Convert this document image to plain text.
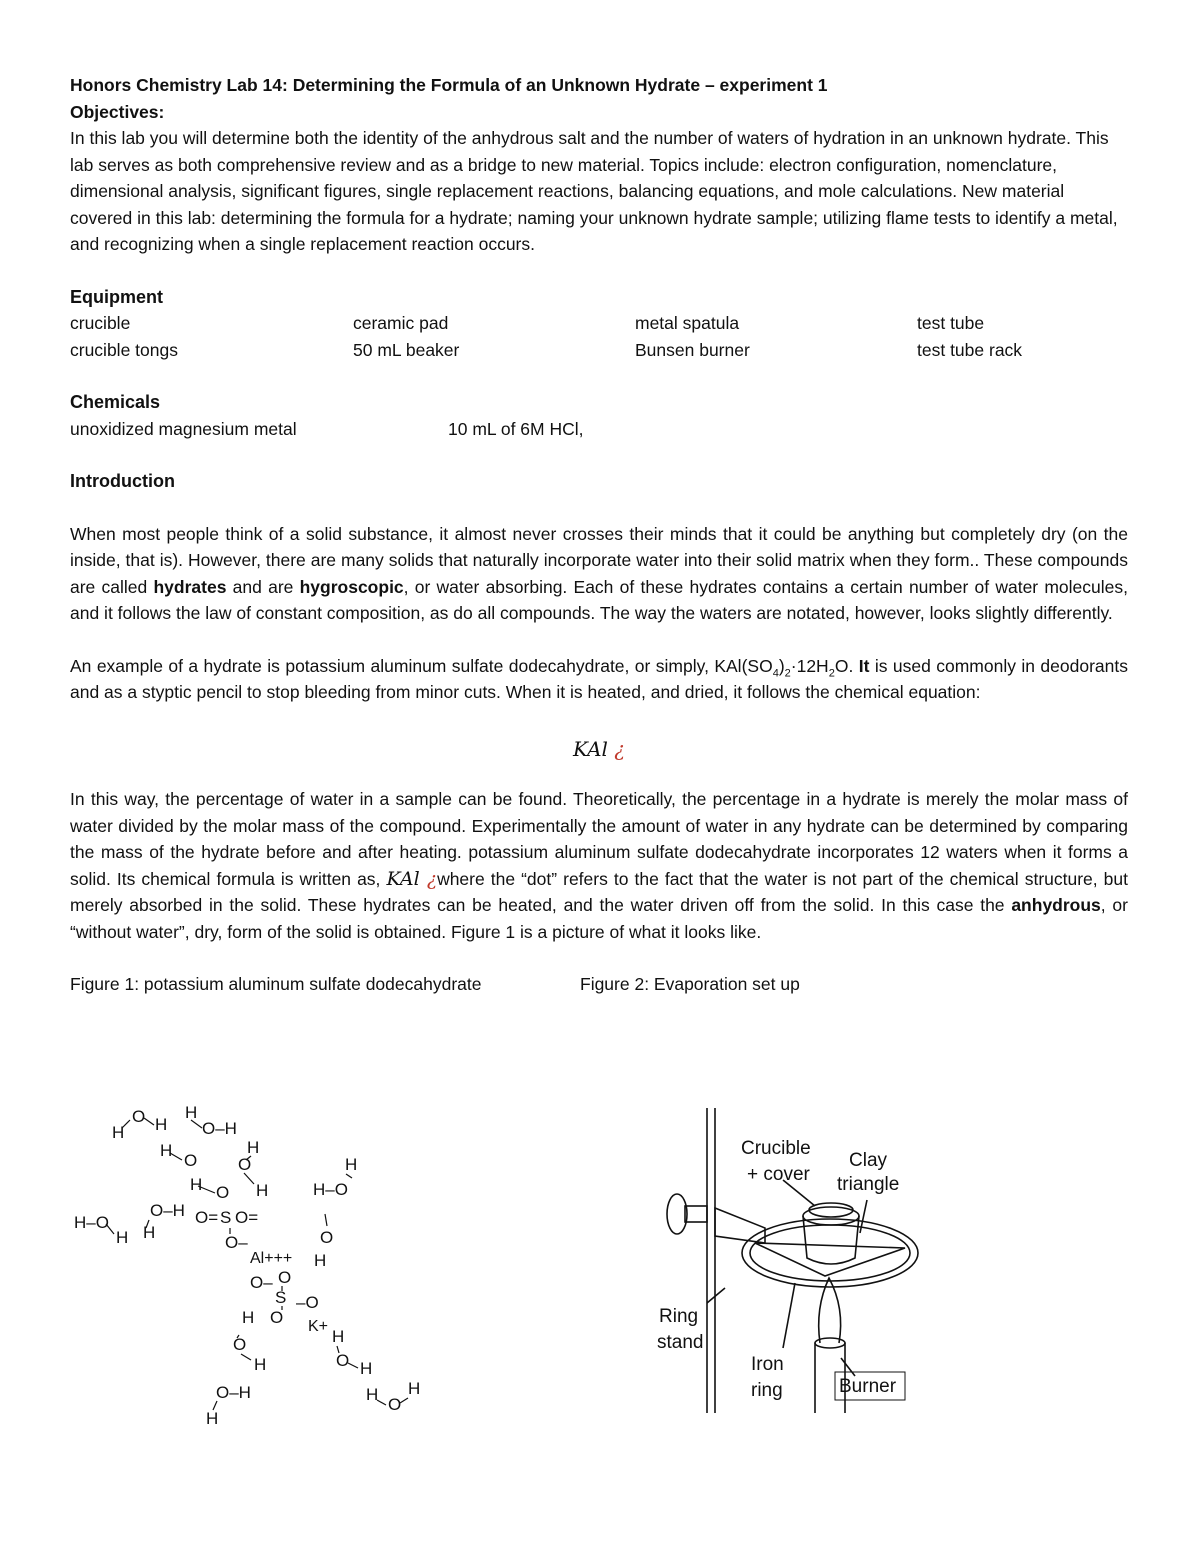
Honors Chemistry Lab 14: Determining the Formula of an Unknown Hydrate – experiment 1

Objectives:

In this lab you will determine both the identity of the anhydrous salt and the number of waters of hydration in an unknown hydrate. This lab serves as both comprehensive review and as a bridge to new material. Topics include: electron configuration, nomenclature, dimensional analysis, significant figures, single replacement reactions, balancing equations, and mole calculations. New material covered in this lab: determining the formula for a hydrate; naming your unknown hydrate sample; utilizing flame tests to identify a metal, and recognizing when a single replacement reaction occurs.

Equipment

crucible	ceramic pad	metal spatula	test tube
crucible tongs	50 mL beaker	Bunsen burner	test tube rack

Chemicals

unoxidized magnesium metal	10 mL of 6M HCl,

Introduction

When most people think of a solid substance, it almost never crosses their minds that it could be anything but completely dry (on the inside, that is). However, there are many solids that naturally incorporate water into their solid matrix when they form.. These compounds are called hydrates and are hygroscopic, or water absorbing. Each of these hydrates contains a certain number of water molecules, and it follows the law of constant composition, as do all compounds. The way the waters are notated, however, looks slightly differently.

An example of a hydrate is potassium aluminum sulfate dodecahydrate, or simply, $KAl(SO_4)_2\cdot 12H_2O$. It is used commonly in deodorants and as a styptic pencil to stop bleeding from minor cuts. When it is heated, and dried, it follows the chemical equation:

KAl ¿

In this way, the percentage of water in a sample can be found. Theoretically, the percentage in a hydrate is merely the molar mass of water divided by the molar mass of the compound. Experimentally the amount of water in any hydrate can be determined by comparing the mass of the hydrate before and after heating. potassium aluminum sulfate dodecahydrate incorporates 12 waters when it forms a solid. Its chemical formula is written as, KAl ¿where the “dot” refers to the fact that the water is not part of the chemical structure, but merely absorbed in the solid. These hydrates can be heated, and the water driven off from the solid. In this case the anhydrous, or “without water”, dry, form of the solid is obtained. Figure 1 is a picture of what it looks like.

Figure 1: potassium aluminum sulfate dodecahydrate	Figure 2: Evaporation set up
H
O H
H
O–H
H
O
H
O
H O H	H–O
H
O–H O= S O=
H–O
H H
O–	O
H
Al+++
O
O–
S –O
O
H	K+
H
O
H	O H
O–H
H
H
O
H
Crucible
+ cover
Clay
triangle
Ring
stand
Iron
ring	Burner
